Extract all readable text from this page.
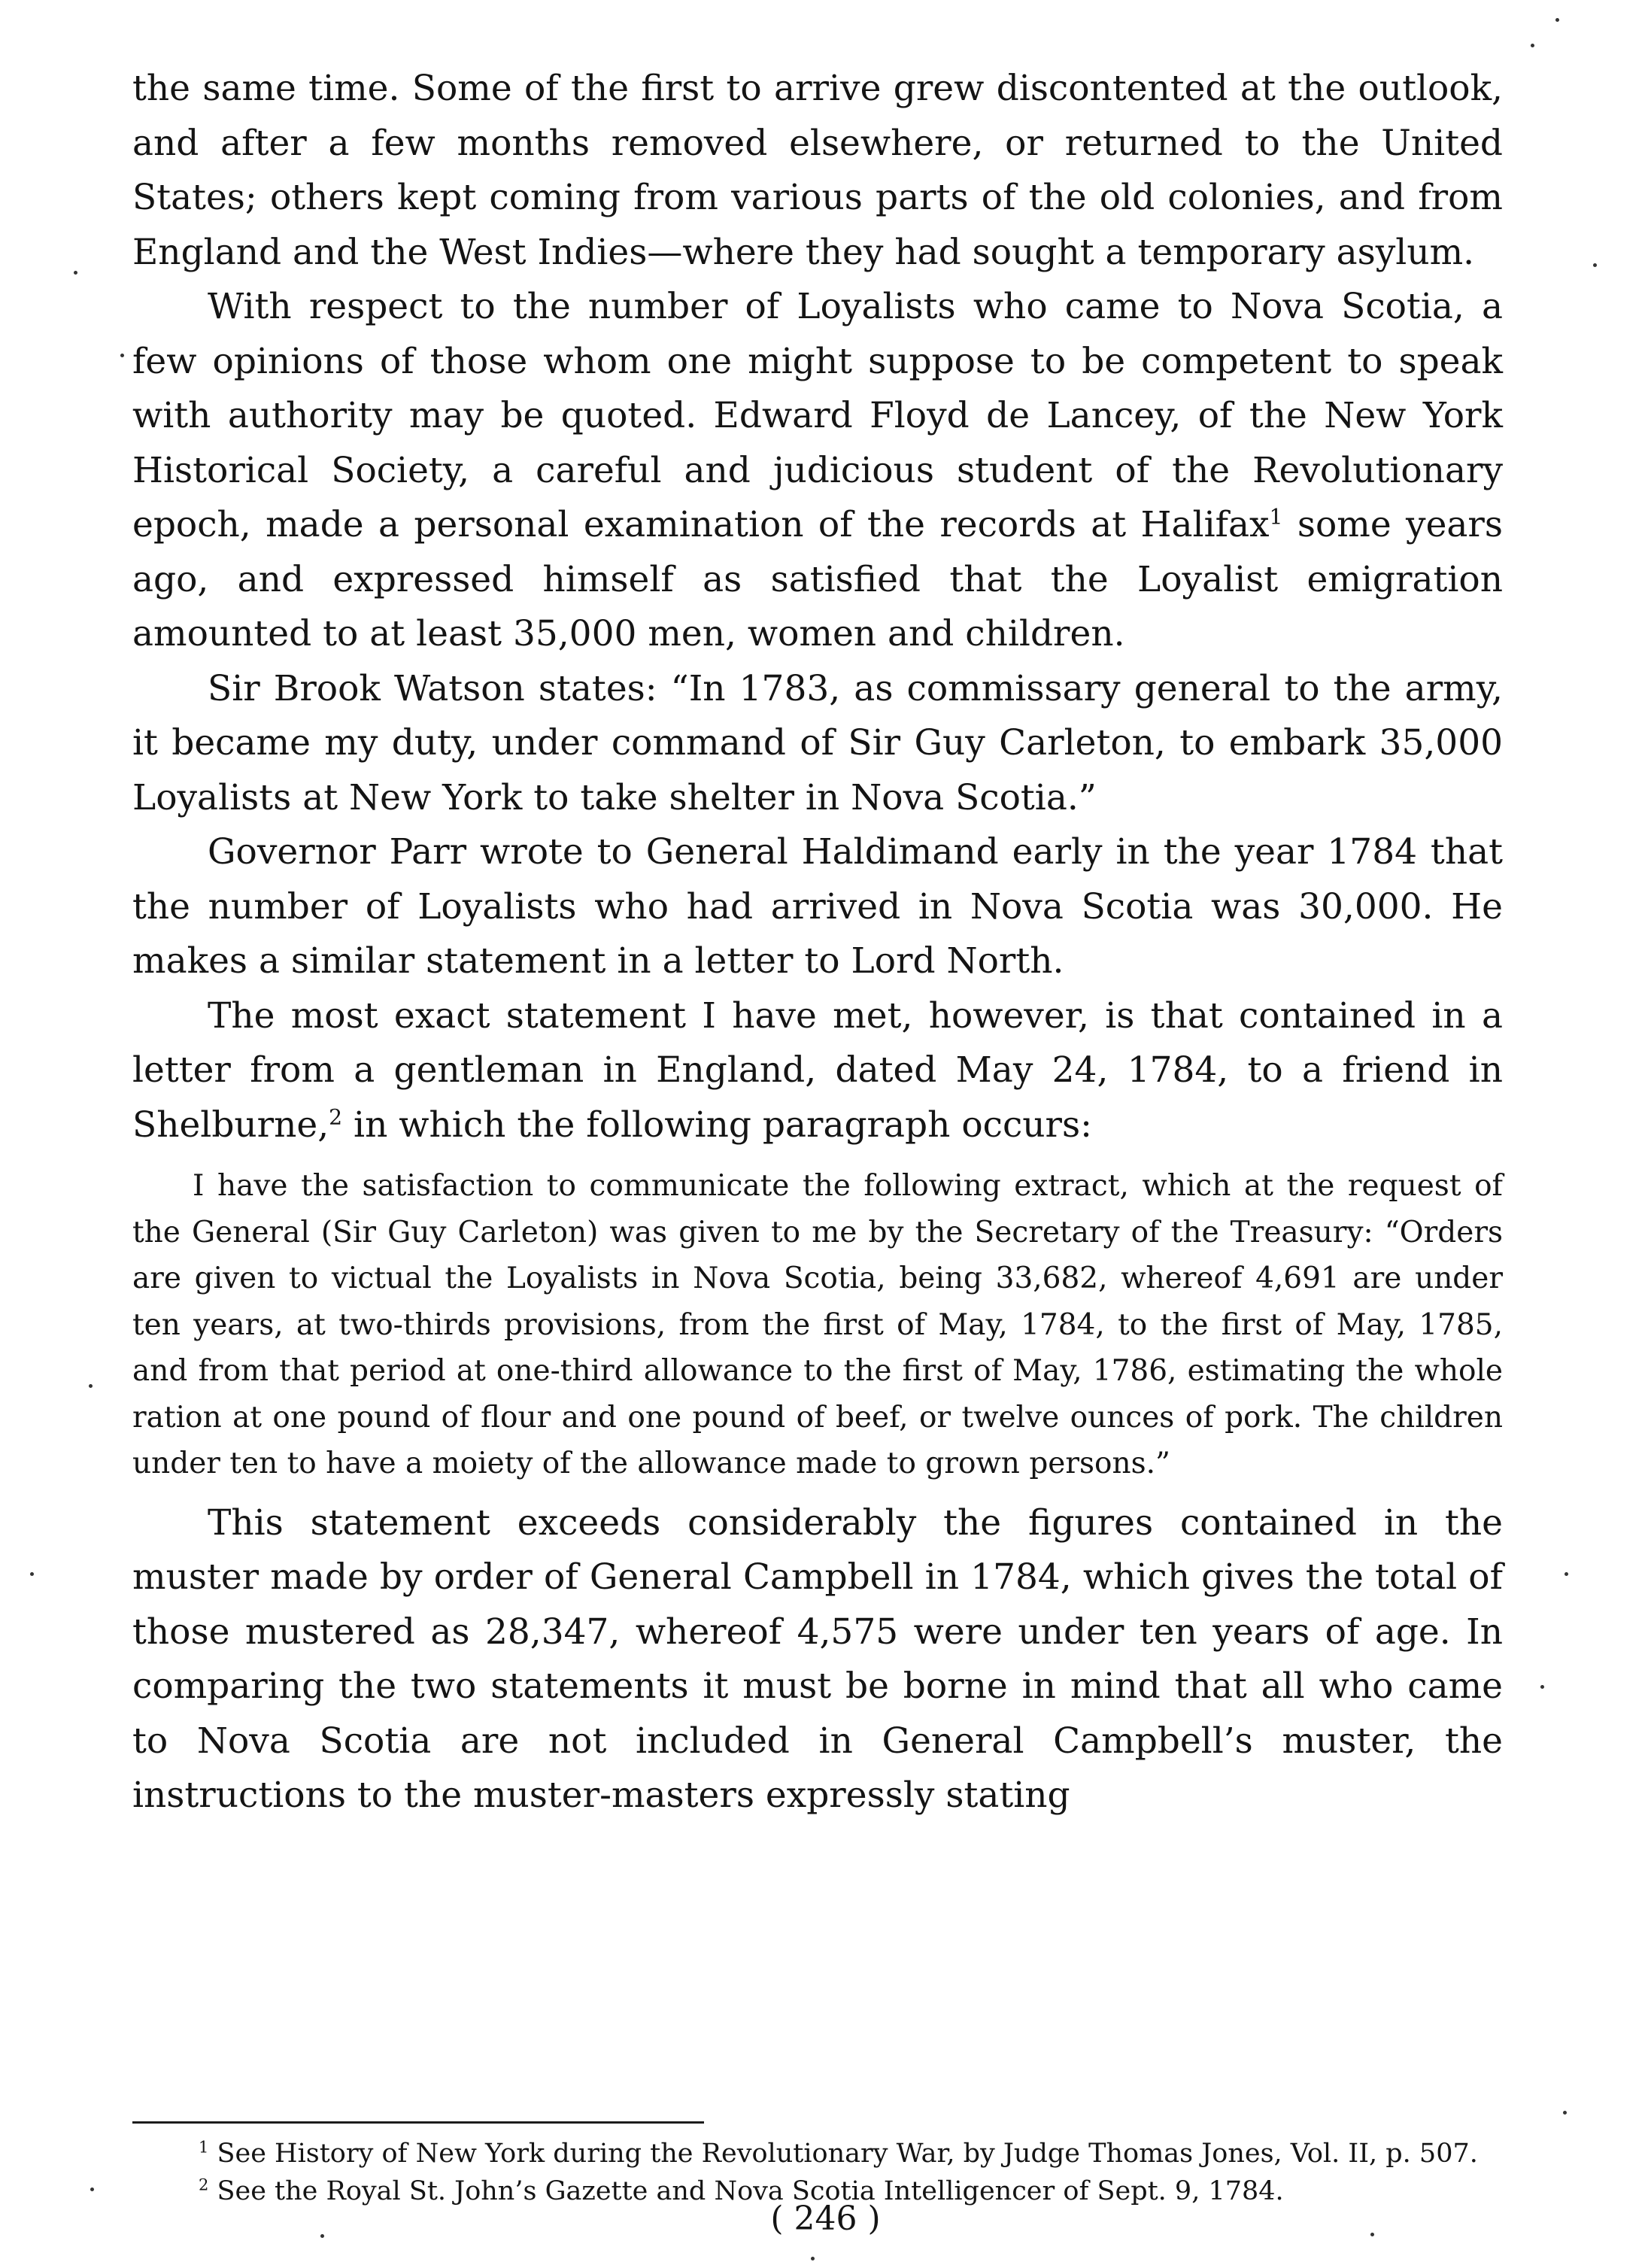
the same time. Some of the first to arrive grew discontented at the outlook, and after a few months removed elsewhere, or returned to the United States; others kept coming from various parts of the old colonies, and from England and the West Indies—where they had sought a temporary asylum.

With respect to the number of Loyalists who came to Nova Scotia, a few opinions of those whom one might suppose to be competent to speak with authority may be quoted. Edward Floyd de Lancey, of the New York Historical Society, a careful and judicious student of the Revolutionary epoch, made a personal examination of the records at Halifax$^1$ some years ago, and expressed himself as satisfied that the Loyalist emigration amounted to at least 35,000 men, women and children.

Sir Brook Watson states: “In 1783, as commissary general to the army, it became my duty, under command of Sir Guy Carleton, to embark 35,000 Loyalists at New York to take shelter in Nova Scotia.”

Governor Parr wrote to General Haldimand early in the year 1784 that the number of Loyalists who had arrived in Nova Scotia was 30,000. He makes a similar statement in a letter to Lord North.

The most exact statement I have met, however, is that contained in a letter from a gentleman in England, dated May 24, 1784, to a friend in Shelburne,$^2$ in which the following paragraph occurs:

I have the satisfaction to communicate the following extract, which at the request of the General (Sir Guy Carleton) was given to me by the Secretary of the Treasury: “Orders are given to victual the Loyalists in Nova Scotia, being 33,682, whereof 4,691 are under ten years, at two-thirds provisions, from the first of May, 1784, to the first of May, 1785, and from that period at one-third allowance to the first of May, 1786, estimating the whole ration at one pound of flour and one pound of beef, or twelve ounces of pork. The children under ten to have a moiety of the allowance made to grown persons.”

This statement exceeds considerably the figures contained in the muster made by order of General Campbell in 1784, which gives the total of those mustered as 28,347, whereof 4,575 were under ten years of age. In comparing the two statements it must be borne in mind that all who came to Nova Scotia are not included in General Campbell’s muster, the instructions to the muster-masters expressly stating

$^1$ See History of New York during the Revolutionary War, by Judge Thomas Jones, Vol. II, p. 507.

$^2$ See the Royal St. John’s Gazette and Nova Scotia Intelligencer of Sept. 9, 1784.

( 246 )
